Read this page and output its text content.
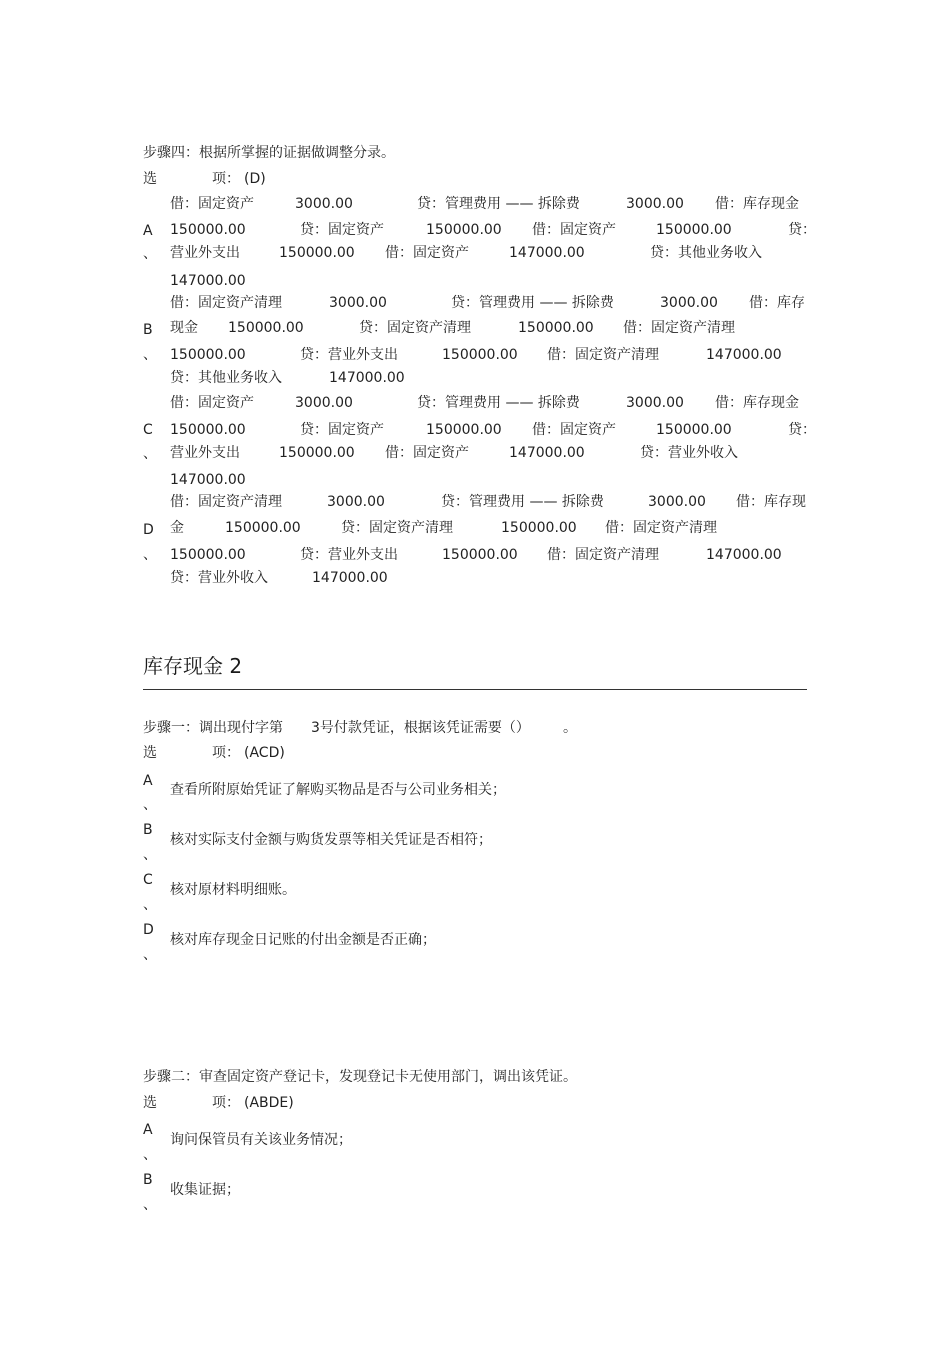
步骤四：根据所掌握的证据做调整分录。
选	项： (D)
A
、
借：固定资产	3000.00	贷：管理费用 —— 拆除费	3000.00 借：库存现金
150000.00	贷：固定资产	150000.00 借：固定资产	150000.00	贷：
营业外支出	150000.00 借：固定资产	147000.00	贷：其他业务收入
147000.00
B
、
借：固定资产清理	3000.00	贷：管理费用 —— 拆除费	3000.00 借：库存
现金 150000.00	贷：固定资产清理	150000.00 借：固定资产清理
150000.00	贷：营业外支出	150000.00 借：固定资产清理	147000.00
贷：其他业务收入	147000.00
C
、
借：固定资产	3000.00	贷：管理费用 —— 拆除费	3000.00 借：库存现金
150000.00	贷：固定资产	150000.00 借：固定资产	150000.00	贷：
营业外支出	150000.00 借：固定资产	147000.00	贷：营业外收入
147000.00
D
、
借：固定资产清理	3000.00	贷：管理费用 —— 拆除费	3000.00 借：库存现
金	150000.00	贷：固定资产清理	150000.00 借：固定资产清理
150000.00	贷：营业外支出	150000.00 借：固定资产清理	147000.00
贷：营业外收入	147000.00
库存现金 2
步骤一：调出现付字第 3号付款凭证，根据该凭证需要（） 。
选	项： (ACD)
A
、
查看所附原始凭证了解购买物品是否与公司业务相关；
B
、
核对实际支付金额与购货发票等相关凭证是否相符；
C
、
核对原材料明细账。
D
、
核对库存现金日记账的付出金额是否正确；
步骤二：审查固定资产登记卡，发现登记卡无使用部门，调出该凭证。
选	项： (ABDE)
A
、
询问保管员有关该业务情况；
B
、
收集证据；
